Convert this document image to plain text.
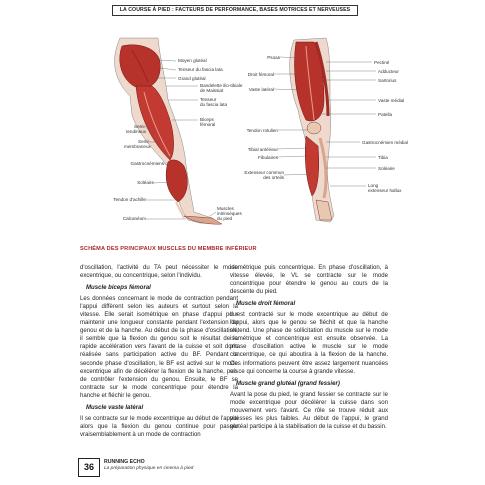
LA COURSE À PIED : FACTEURS DE PERFORMANCE, BASES MOTRICES ET NERVEUSES
Moyen glutéal
Tenseur du fascia lata
Grand glutéal
Bandelette ilio-tibiale
de Maissiat
Tenseur
du fascia lata
Biceps
fémoral
Semi-
tendineux
Semi-
membraneux
Gastrocnémiens
Soléaire
Tendon d'achille
Calcanéum
Muscles
intrinsèques
du pied
Psoas
Droit fémoral
Vaste latéral
Tendon rotulien
Tibial antérieur
Fibulaires
Extenseur commun
des orteils
Pectiné
Adducteur
Sartorius
Vaste médial
Patella
Gastrocnémien médial
Tibia
Soléaire
Long
extenseur hallux
SCHÉMA DES PRINCIPAUX MUSCLES DU MEMBRE INFÉRIEUR

d'oscillation, l'activité du TA peut nécessiter le mode excentrique, ou concentrique, selon l'individu.

Muscle biceps fémoral

Les données concernant le mode de contraction pendant l'appui diffèrent selon les auteurs et surtout selon la vitesse. Elle serait isométrique en phase d'appui pour maintenir une longueur constante pendant l'extension du genou et de la hanche. Au début de la phase d'oscillation, il semble que la flexion du genou soit le résultat de la rapide accélération vers l'avant de la cuisse et soit donc réalisée sans participation active du BF. Pendant la seconde phase d'oscillation, le BF est activé sur le mode excentrique afin de décélérer la flexion de la hanche, puis de contrôler l'extension du genou. Ensuite, le BF se contracte sur le mode concentrique pour étendre la hanche et fléchir le genou.

Muscle vaste latéral

Il se contracte sur le mode excentrique au début de l'appui alors que la flexion du genou continue pour passer vraisemblablement à un mode de contraction

isométrique puis concentrique. En phase d'oscillation, à vitesse élevée, le VL se contracte sur le mode concentrique pour étendre le genou au cours de la descente du pied.

Muscle droit fémoral

Il est contracté sur le mode excentrique au début de l'appui, alors que le genou se fléchit et que la hanche s'étend. Une phase de sollicitation du muscle sur le mode isométrique et concentrique est ensuite observée. La phase d'oscillation active le muscle sur le mode concentrique, ce qui aboutira à la flexion de la hanche. Ces informations peuvent être assez largement nuancées en ce qui concerne la course à grande vitesse.

Muscle grand glutéal (grand fessier)

Avant la pose du pied, le grand fessier se contracte sur le mode excentrique pour décélérer la cuisse dans son mouvement vers l'avant. Ce rôle se trouve réduit aux vitesses les plus faibles. Au début de l'appui, le grand glutéal participe à la stabilisation de la cuisse et du bassin.

36	RUNNING ECHO
La préparation physique en cinema à pied
